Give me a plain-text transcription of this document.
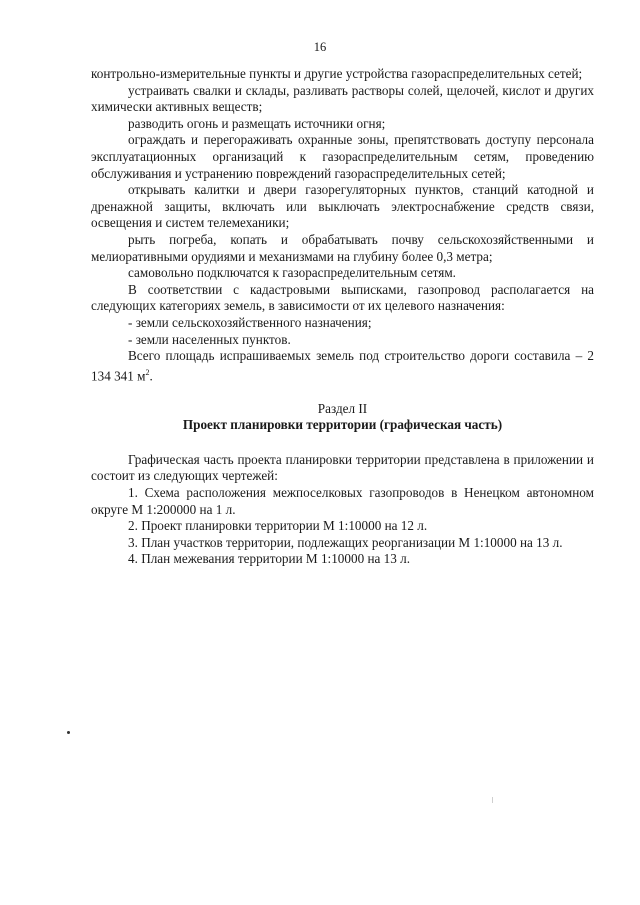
16

контрольно-измерительные пункты и другие устройства газораспределительных сетей;

устраивать свалки и склады, разливать растворы солей, щелочей, кислот и других химически активных веществ;

разводить огонь и размещать источники огня;

ограждать и перегораживать охранные зоны, препятствовать доступу персонала эксплуатационных организаций к газораспределительным сетям, проведению обслуживания и устранению повреждений газораспределительных сетей;

открывать калитки и двери газорегуляторных пунктов, станций катодной и дренажной защиты, включать или выключать электроснабжение средств связи, освещения и систем телемеханики;

рыть погреба, копать и обрабатывать почву сельскохозяйственными и мелиоративными орудиями и механизмами на глубину более 0,3 метра;

самовольно подключатся к газораспределительным сетям.

В соответствии с кадастровыми выписками, газопровод располагается на следующих категориях земель, в зависимости от их целевого назначения:

- земли сельскохозяйственного назначения;

- земли населенных пунктов.

Всего площадь испрашиваемых земель под строительство дороги составила – 2 134 341 $м^2$.

Раздел II

Проект планировки территории (графическая часть)

Графическая часть проекта планировки территории представлена в приложении и состоит из следующих чертежей:

1. Схема расположения межпоселковых газопроводов в Ненецком автономном округе М 1:200000 на 1 л.

2. Проект планировки территории М 1:10000 на 12 л.

3. План участков территории, подлежащих реорганизации М 1:10000 на 13 л.

4. План межевания территории М 1:10000 на 13 л.
